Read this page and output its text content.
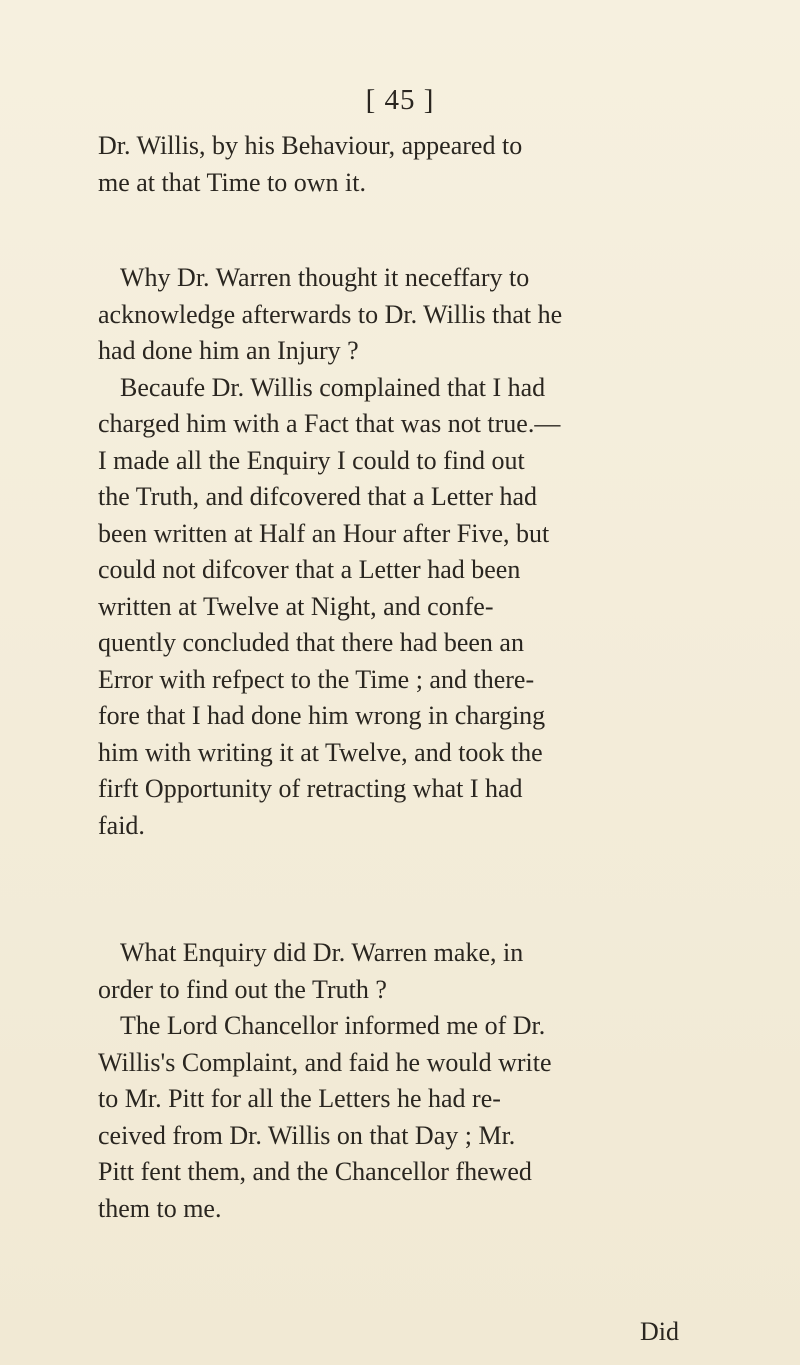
[ 45 ]

Dr. Willis, by his Behaviour, appeared to
me at that Time to own it.

Why Dr. Warren thought it neceffary to
acknowledge afterwards to Dr. Willis that he
had done him an Injury ?
Becaufe Dr. Willis complained that I had
charged him with a Fact that was not true.—
I made all the Enquiry I could to find out
the Truth, and difcovered that a Letter had
been written at Half an Hour after Five, but
could not difcover that a Letter had been
written at Twelve at Night, and confe-
quently concluded that there had been an
Error with refpect to the Time ; and there-
fore that I had done him wrong in charging
him with writing it at Twelve, and took the
firft Opportunity of retracting what I had
faid.

What Enquiry did Dr. Warren make, in
order to find out the Truth ?
The Lord Chancellor informed me of Dr.
Willis's Complaint, and faid he would write
to Mr. Pitt for all the Letters he had re-
ceived from Dr. Willis on that Day ; Mr.
Pitt fent them, and the Chancellor fhewed
them to me.

Did
